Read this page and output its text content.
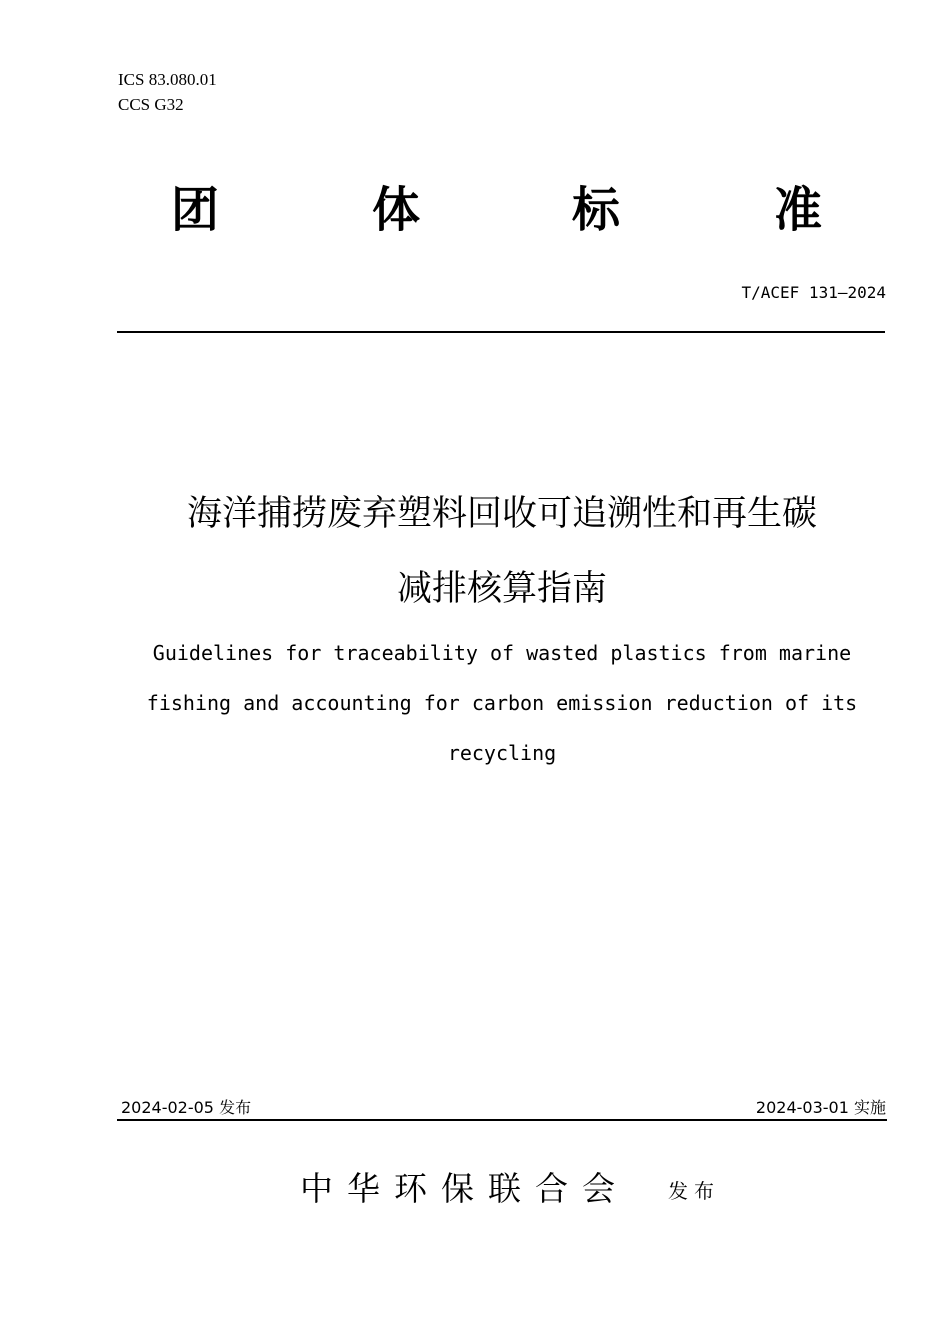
ICS 83.080.01
CCS G32
团	体	标	准
T/ACEF 131—2024
海洋捕捞废弃塑料回收可追溯性和再生碳
减排核算指南
Guidelines for traceability of wasted plastics from marine
fishing and accounting for carbon emission reduction of its
recycling
2024-02-05 发布	2024-03-01 实施
中华环保联合会 发布
